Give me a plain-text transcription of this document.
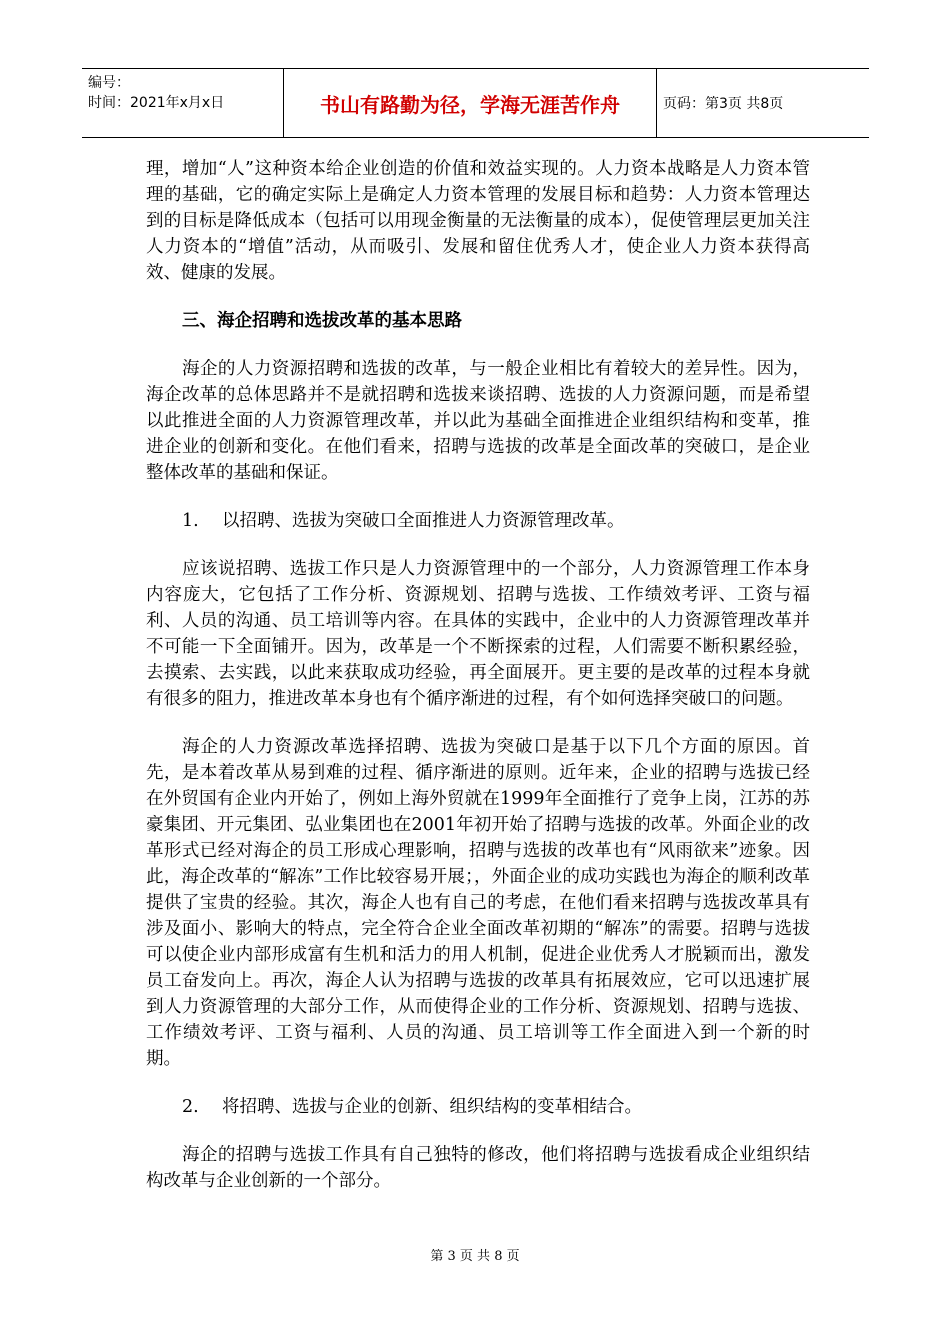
编号：
时间：2021年x月x日	书山有路勤为径，学海无涯苦作舟	页码：第3页 共8页

理，增加“人”这种资本给企业创造的价值和效益实现的。人力资本战略是人力资本管理的基础，它的确定实际上是确定人力资本管理的发展目标和趋势：人力资本管理达到的目标是降低成本（包括可以用现金衡量的无法衡量的成本），促使管理层更加关注人力资本的“增值”活动，从而吸引、发展和留住优秀人才，使企业人力资本获得高效、健康的发展。

三、海企招聘和选拔改革的基本思路

海企的人力资源招聘和选拔的改革，与一般企业相比有着较大的差异性。因为，海企改革的总体思路并不是就招聘和选拔来谈招聘、选拔的人力资源问题，而是希望以此推进全面的人力资源管理改革，并以此为基础全面推进企业组织结构和变革，推进企业的创新和变化。在他们看来，招聘与选拔的改革是全面改革的突破口，是企业整体改革的基础和保证。

1.	以招聘、选拔为突破口全面推进人力资源管理改革。

应该说招聘、选拔工作只是人力资源管理中的一个部分，人力资源管理工作本身内容庞大，它包括了工作分析、资源规划、招聘与选拔、工作绩效考评、工资与福利、人员的沟通、员工培训等内容。在具体的实践中，企业中的人力资源管理改革并不可能一下全面铺开。因为，改革是一个不断探索的过程，人们需要不断积累经验，去摸索、去实践，以此来获取成功经验，再全面展开。更主要的是改革的过程本身就有很多的阻力，推进改革本身也有个循序渐进的过程，有个如何选择突破口的问题。

海企的人力资源改革选择招聘、选拔为突破口是基于以下几个方面的原因。首先，是本着改革从易到难的过程、循序渐进的原则。近年来，企业的招聘与选拔已经在外贸国有企业内开始了，例如上海外贸就在1999年全面推行了竞争上岗，江苏的苏豪集团、开元集团、弘业集团也在2001年初开始了招聘与选拔的改革。外面企业的改革形式已经对海企的员工形成心理影响，招聘与选拔的改革也有“风雨欲来”迹象。因此，海企改革的“解冻”工作比较容易开展；，外面企业的成功实践也为海企的顺利改革提供了宝贵的经验。其次，海企人也有自己的考虑，在他们看来招聘与选拔改革具有涉及面小、影响大的特点，完全符合企业全面改革初期的“解冻”的需要。招聘与选拔可以使企业内部形成富有生机和活力的用人机制，促进企业优秀人才脱颖而出，激发员工奋发向上。再次，海企人认为招聘与选拔的改革具有拓展效应，它可以迅速扩展到人力资源管理的大部分工作，从而使得企业的工作分析、资源规划、招聘与选拔、工作绩效考评、工资与福利、人员的沟通、员工培训等工作全面进入到一个新的时期。

2.	将招聘、选拔与企业的创新、组织结构的变革相结合。

海企的招聘与选拔工作具有自己独特的修改，他们将招聘与选拔看成企业组织结构改革与企业创新的一个部分。

第 3 页 共 8 页
